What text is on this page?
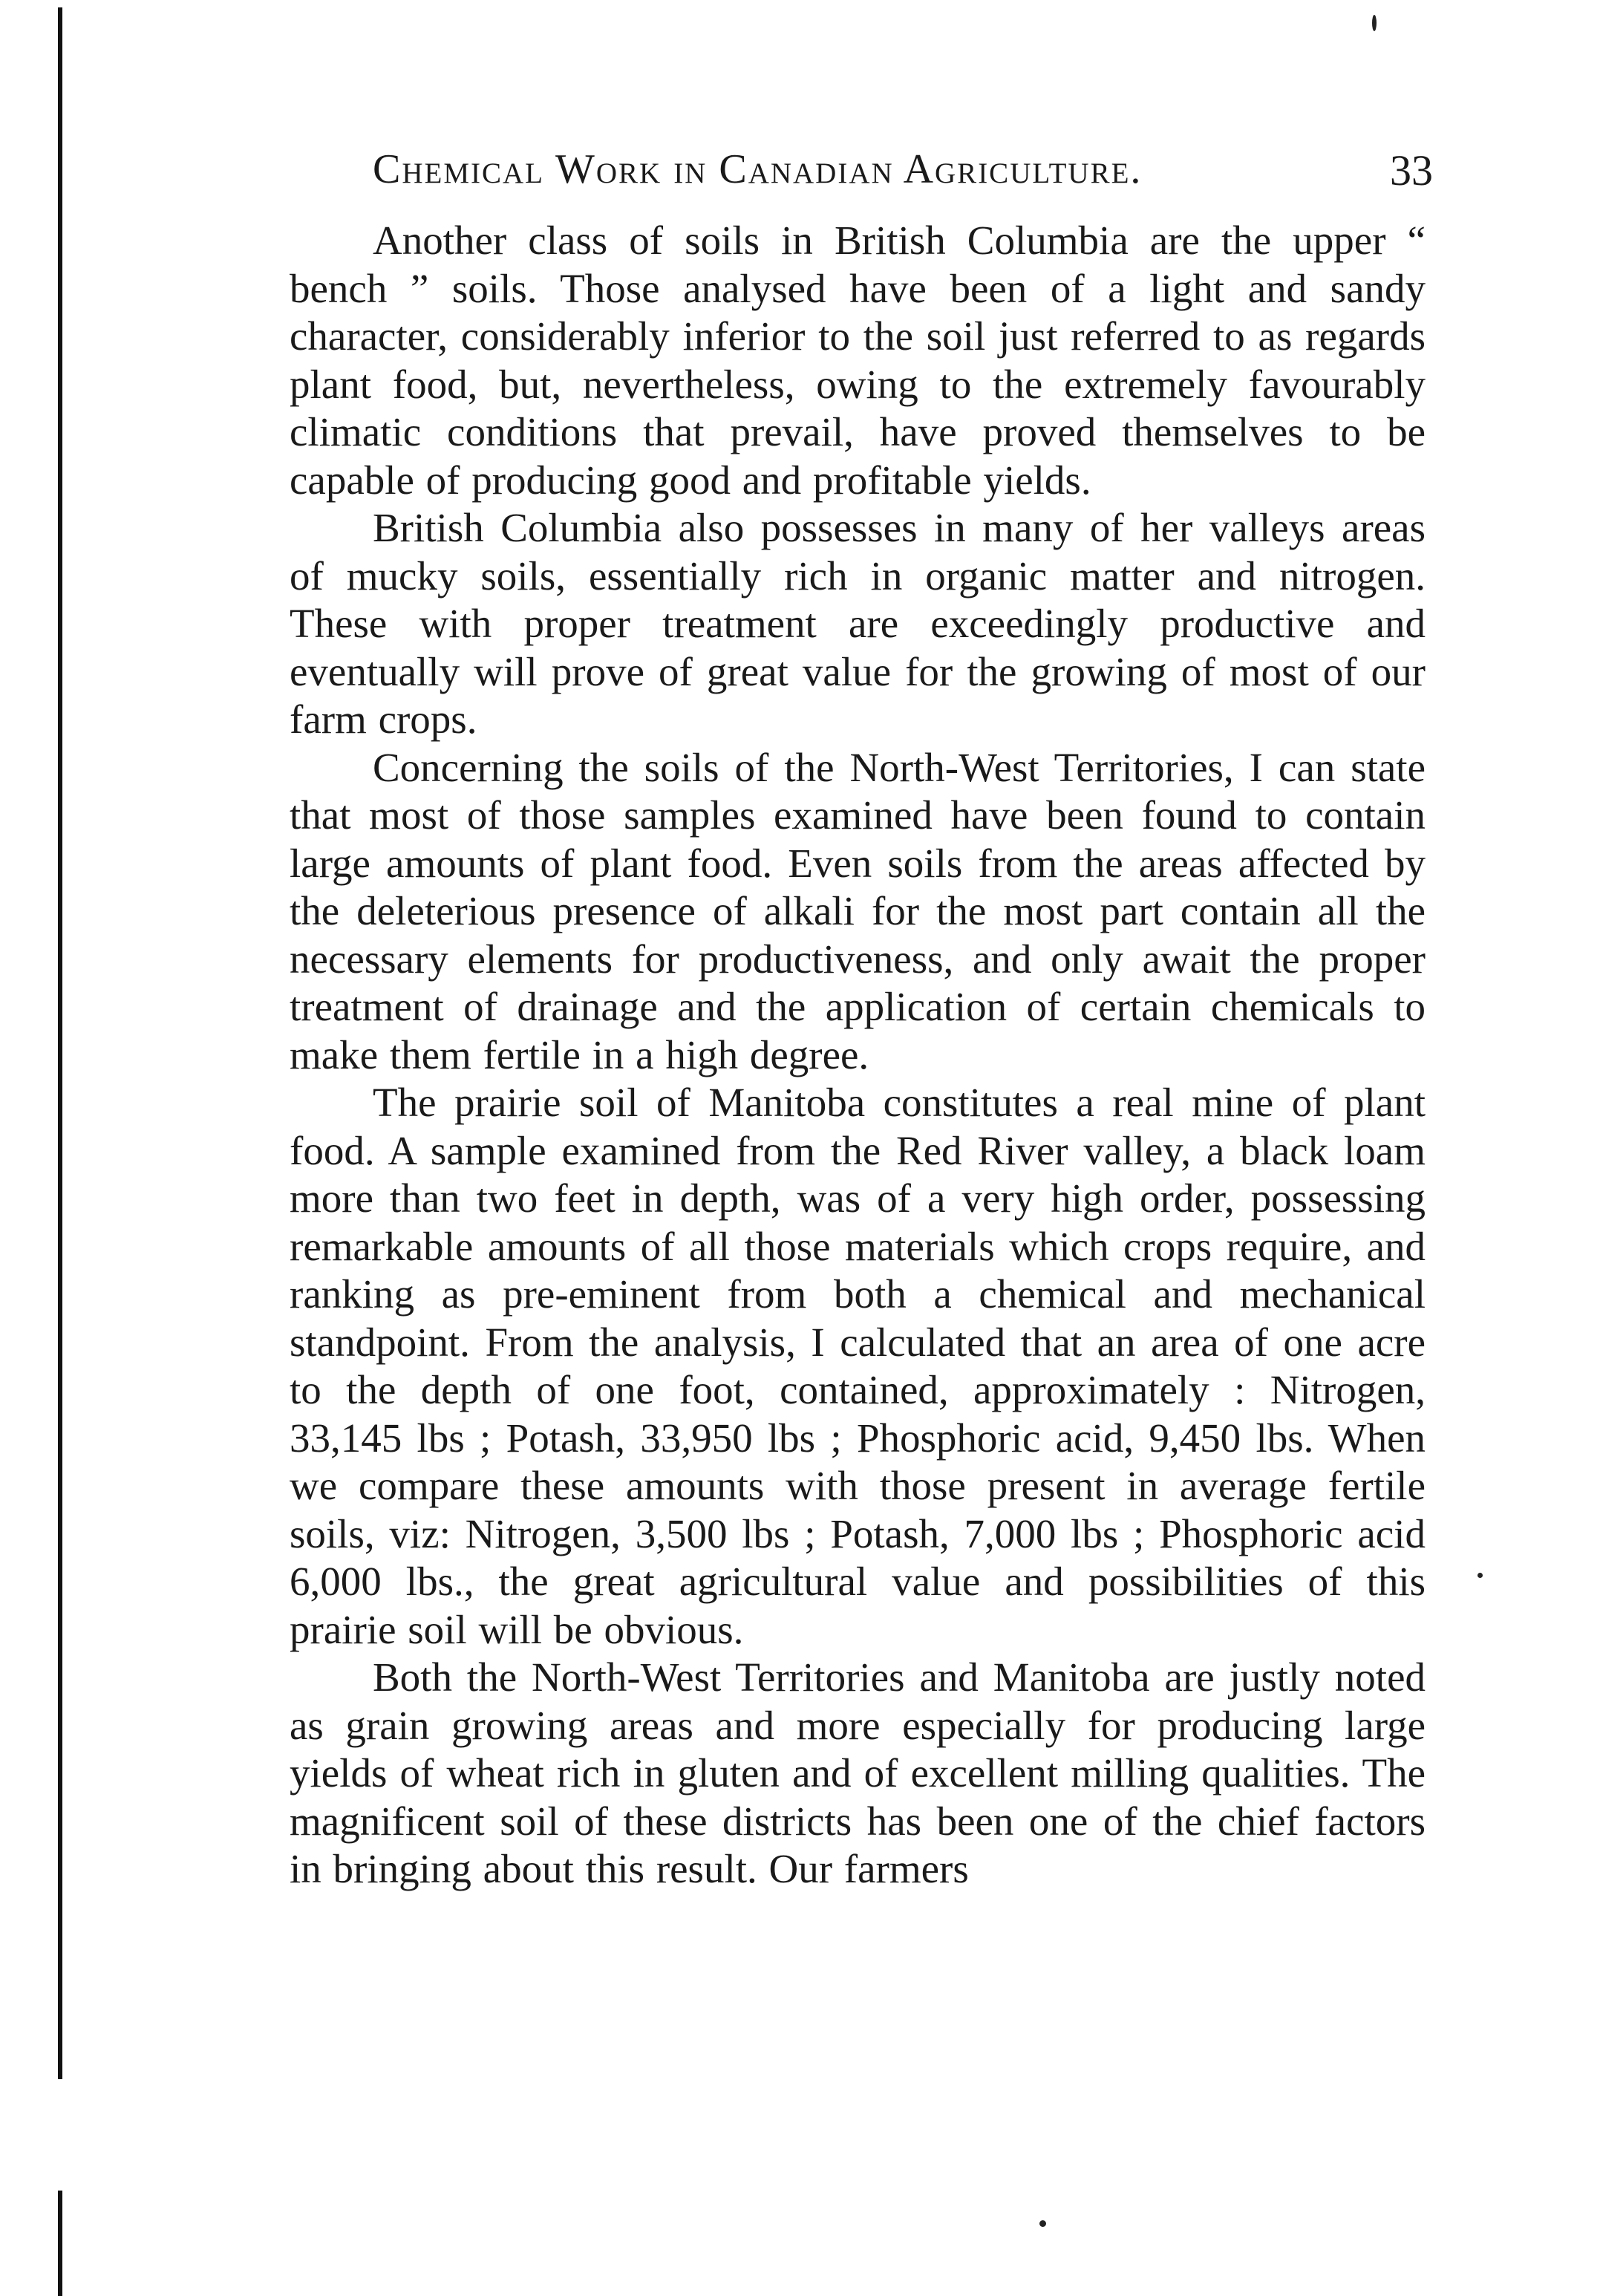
Chemical Work in Canadian Agriculture.	33

Another class of soils in British Columbia are the upper “ bench ” soils. Those analysed have been of a light and sandy character, considerably inferior to the soil just referred to as regards plant food, but, nevertheless, owing to the extremely favourably climatic conditions that prevail, have proved themselves to be capable of producing good and profitable yields.

British Columbia also possesses in many of her valleys areas of mucky soils, essentially rich in organic matter and nitrogen. These with proper treatment are exceedingly productive and eventually will prove of great value for the growing of most of our farm crops.

Concerning the soils of the North-West Territories, I can state that most of those samples examined have been found to contain large amounts of plant food. Even soils from the areas affected by the deleterious presence of alkali for the most part contain all the necessary elements for productiveness, and only await the proper treatment of drainage and the application of certain chemicals to make them fertile in a high degree.

The prairie soil of Manitoba constitutes a real mine of plant food. A sample examined from the Red River valley, a black loam more than two feet in depth, was of a very high order, possessing remarkable amounts of all those materials which crops require, and ranking as pre-eminent from both a chemical and mechanical standpoint. From the analysis, I calculated that an area of one acre to the depth of one foot, contained, approximately : Nitrogen, 33,145 lbs ; Potash, 33,950 lbs ; Phosphoric acid, 9,450 lbs. When we compare these amounts with those present in average fertile soils, viz: Nitrogen, 3,500 lbs ; Potash, 7,000 lbs ; Phosphoric acid 6,000 lbs., the great agricultural value and possibilities of this prairie soil will be obvious.

Both the North-West Territories and Manitoba are justly noted as grain growing areas and more especially for producing large yields of wheat rich in gluten and of excellent milling qualities. The magnificent soil of these districts has been one of the chief factors in bringing about this result. Our farmers
